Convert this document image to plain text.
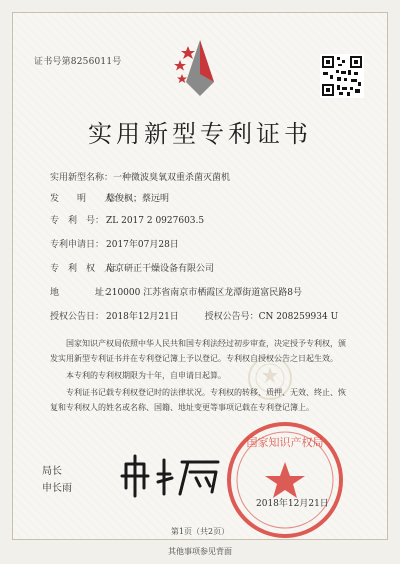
证书号第8256011号
实用新型专利证书
实用新型名称：一种微波臭氧双重杀菌灭菌机
发　　明　　人：蔡俊枫；蔡远明
专　利　号： ZL 2017 2 0927603.5
专利申请日： 2017年07月28日
专　利　权　人：南京研正干燥设备有限公司
地　　　　址：210000 江苏省南京市栖霞区龙潭街道富民路8号
授权公告日： 2018年12月21日	授权公告号：CN 208259934 U
国家知识产权局依照中华人民共和国专利法经过初步审查，决定授予专利权，颁发实用新型专利证书并在专利登记簿上予以登记。专利权自授权公告之日起生效。
本专利的专利权期限为十年，自申请日起算。
专利证书记载专利权登记时的法律状况。专利权的转移、质押、无效、终止、恢复和专利权人的姓名或名称、国籍、地址变更等事项记载在专利登记簿上。
国家知识产权局
局长
申长雨
2018年12月21日
第1页（共2页）
其他事项参见背面
